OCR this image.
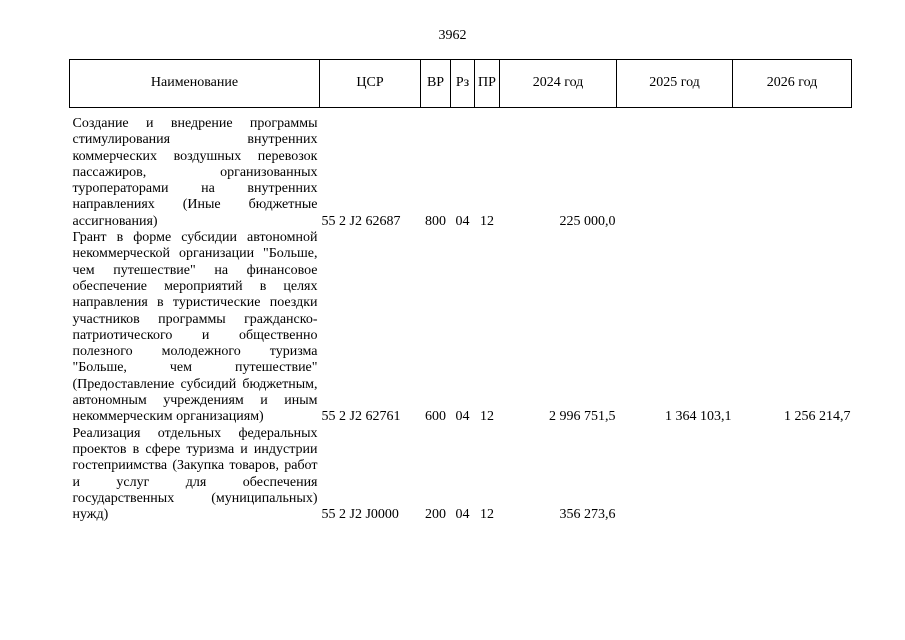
3962
Наименование	ЦСР	ВР	Рз	ПР	2024 год	2025 год	2026 год
Создание и внедрение программы стимулирования внутренних коммерческих воздушных перевозок пассажиров, организованных туроператорами на внутренних направлениях (Иные бюджетные ассигнования)	55 2 J2 62687	800	04	12	225 000,0		
Грант в форме субсидии автономной некоммерческой организации "Больше, чем путешествие" на финансовое обеспечение мероприятий в целях направления в туристические поездки участников программы гражданско-патриотического и общественно полезного молодежного туризма "Больше, чем путешествие" (Предоставление субсидий бюджетным, автономным учреждениям и иным некоммерческим организациям)	55 2 J2 62761	600	04	12	2 996 751,5	1 364 103,1	1 256 214,7
Реализация отдельных федеральных проектов в сфере туризма и индустрии гостеприимства (Закупка товаров, работ и услуг для обеспечения государственных (муниципальных) нужд)	55 2 J2 J0000	200	04	12	356 273,6		
